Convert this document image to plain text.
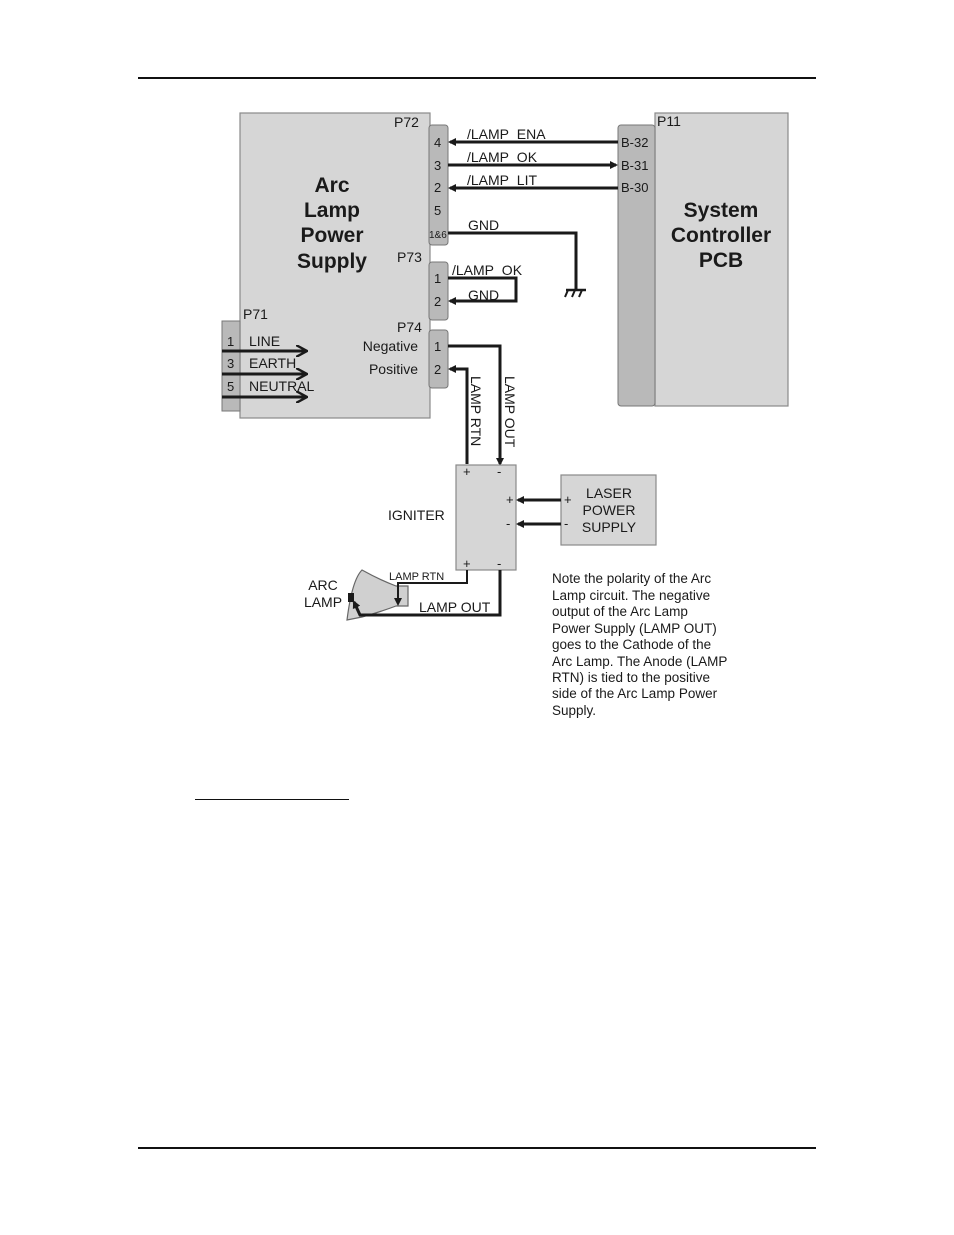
Arc
Lamp
Power
Supply
P72
4
3
2
5
1&6
P73
1
2
P74
1
2
Negative
Positive
P71
1
3
5
LINE
EARTH
NEUTRAL
P11
B-32
B-31
B-30
System
Controller
PCB
/LAMP_ENA
/LAMP_OK
/LAMP_LIT
GND
/LAMP_OK
GND
LAMP RTN LAMP OUT
IGNITER
+ -
+
-
+ -
LASER
POWER
SUPPLY
+
-
ARC
LAMP
LAMP RTN
LAMP OUT
Note the polarity of the Arc
Lamp circuit. The negative
output of the Arc Lamp
Power Supply (LAMP OUT)
goes to the Cathode of the
Arc Lamp. The Anode (LAMP
RTN) is tied to the positive
side of the Arc Lamp Power
Supply.
